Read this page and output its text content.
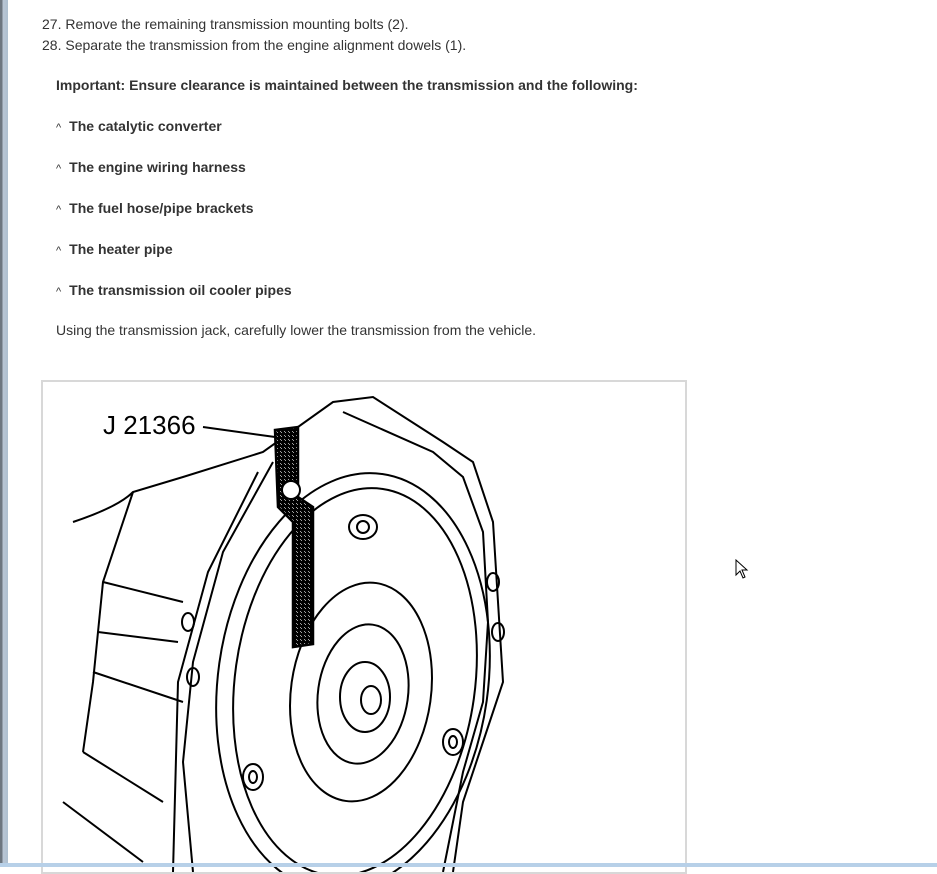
27. Remove the remaining transmission mounting bolts (2).
28. Separate the transmission from the engine alignment dowels (1).
Important: Ensure clearance is maintained between the transmission and the following:
^ The catalytic converter
^ The engine wiring harness
^ The fuel hose/pipe brackets
^ The heater pipe
^ The transmission oil cooler pipes
Using the transmission jack, carefully lower the transmission from the vehicle.
J 21366
